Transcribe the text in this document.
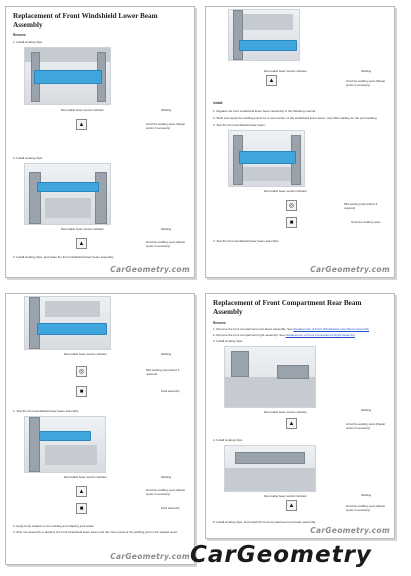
Replacement of Front Windshield Lower Beam Assembly
Remove:
1. Install locating clips.
Removable beam section indicator	Welding
▲	Grind the welding spots (Repair points if necessary)
2. Install locating clips.
Removable beam section indicator	Welding
▲	Grind the welding spots (Repair points if necessary)
3. Install locating clips, and clean the front windshield lower beam assembly.
CarGeometry.com
Removable beam section indicator	Welding
▲	Grind the welding spots (Repair points if necessary)
Install:
1. Replace the front windshield lower beam assembly in the following manner.
2. Weld and repair the welding points for a new section of the windshield lower beam. Use MIG welding for the joint welding.
3. Test the front windshield lower beam.
Removable beam section indicator
◎	MIG welding (intermittent if required)
■	Grind the welding spots
4. Test the front windshield lower beam assembly.
CarGeometry.com
Removable beam section indicator	Welding
◎	MIG welding (intermittent if required)
■	Final assembly
1. Test the front windshield lower beam assembly.
Removable beam section indicator	Welding
▲	Grind the welding spots (Repair points if necessary)
■	Final assembly
2. Apply body sealant on the welding and shaping joint areas.
3. After the assembly is applied, the front windshield lower beam and the inner panel of the welding joint in the welded seam.
CarGeometry.com
Replacement of Front Compartment Rear Beam Assembly
Remove:
1. Remove the front compartment rear beam assembly. See Replacement of Front Windshield Lower Beam Assembly
2. Remove the front compartment right assembly. See Replacement of Front Compartment Right Assembly
3. Install locating clips.
Removable beam section indicator	Welding
▲	Grind the welding spots (Repair points if necessary)
4. Install locating clips.
Removable beam section indicator	Welding
▲	Grind the welding spots (Repair points if necessary)
5. Install locating clips, and install the front compartment rear beam assembly.
CarGeometry.com
CarGeometry
